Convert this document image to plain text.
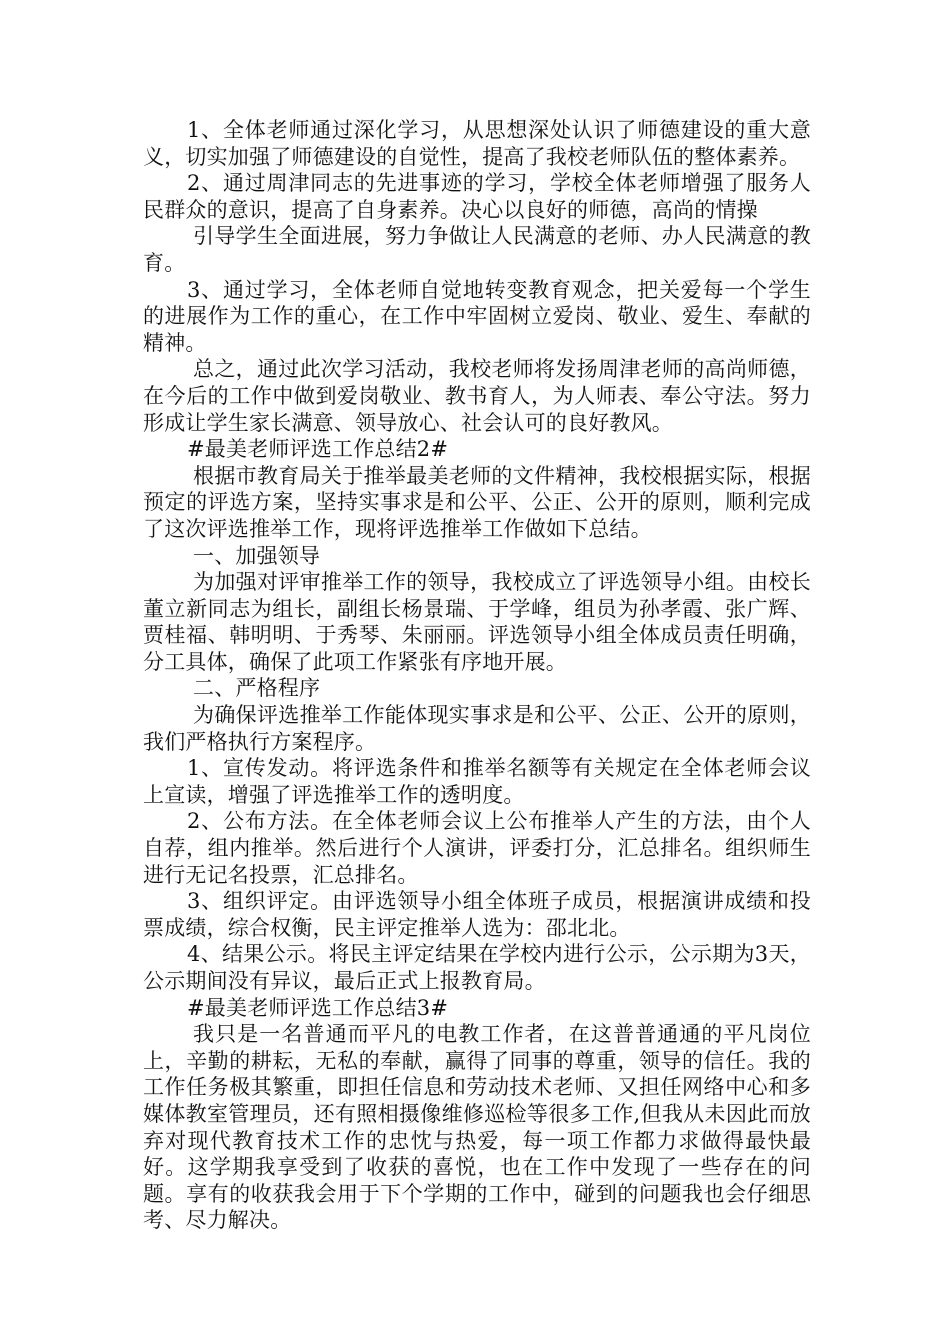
1、全体老师通过深化学习，从思想深处认识了师德建设的重大意义，切实加强了师德建设的自觉性，提高了我校老师队伍的整体素养。

2、通过周津同志的先进事迹的学习，学校全体老师增强了服务人民群众的意识，提高了自身素养。决心以良好的师德，高尚的情操

引导学生全面进展，努力争做让人民满意的老师、办人民满意的教育。

3、通过学习，全体老师自觉地转变教育观念，把关爱每一个学生的进展作为工作的重心，在工作中牢固树立爱岗、敬业、爱生、奉献的精神。

总之，通过此次学习活动，我校老师将发扬周津老师的高尚师德，在今后的工作中做到爱岗敬业、教书育人，为人师表、奉公守法。努力形成让学生家长满意、领导放心、社会认可的良好教风。

#最美老师评选工作总结2#

根据市教育局关于推举最美老师的文件精神，我校根据实际，根据预定的评选方案，坚持实事求是和公平、公正、公开的原则，顺利完成了这次评选推举工作，现将评选推举工作做如下总结。

一、加强领导

为加强对评审推举工作的领导，我校成立了评选领导小组。由校长董立新同志为组长，副组长杨景瑞、于学峰，组员为孙孝霞、张广辉、贾桂福、韩明明、于秀琴、朱丽丽。评选领导小组全体成员责任明确，分工具体，确保了此项工作紧张有序地开展。

二、严格程序

为确保评选推举工作能体现实事求是和公平、公正、公开的原则，我们严格执行方案程序。

1、宣传发动。将评选条件和推举名额等有关规定在全体老师会议上宣读，增强了评选推举工作的透明度。

2、公布方法。在全体老师会议上公布推举人产生的方法，由个人自荐，组内推举。然后进行个人演讲，评委打分，汇总排名。组织师生进行无记名投票，汇总排名。

3、组织评定。由评选领导小组全体班子成员，根据演讲成绩和投票成绩，综合权衡，民主评定推举人选为：邵北北。

4、结果公示。将民主评定结果在学校内进行公示，公示期为3天，公示期间没有异议，最后正式上报教育局。

#最美老师评选工作总结3#

我只是一名普通而平凡的电教工作者，在这普普通通的平凡岗位上，辛勤的耕耘，无私的奉献，赢得了同事的尊重，领导的信任。我的工作任务极其繁重，即担任信息和劳动技术老师、又担任网络中心和多媒体教室管理员，还有照相摄像维修巡检等很多工作,但我从未因此而放弃对现代教育技术工作的忠忱与热爱，每一项工作都力求做得最快最好。这学期我享受到了收获的喜悦，也在工作中发现了一些存在的问题。享有的收获我会用于下个学期的工作中，碰到的问题我也会仔细思考、尽力解决。
